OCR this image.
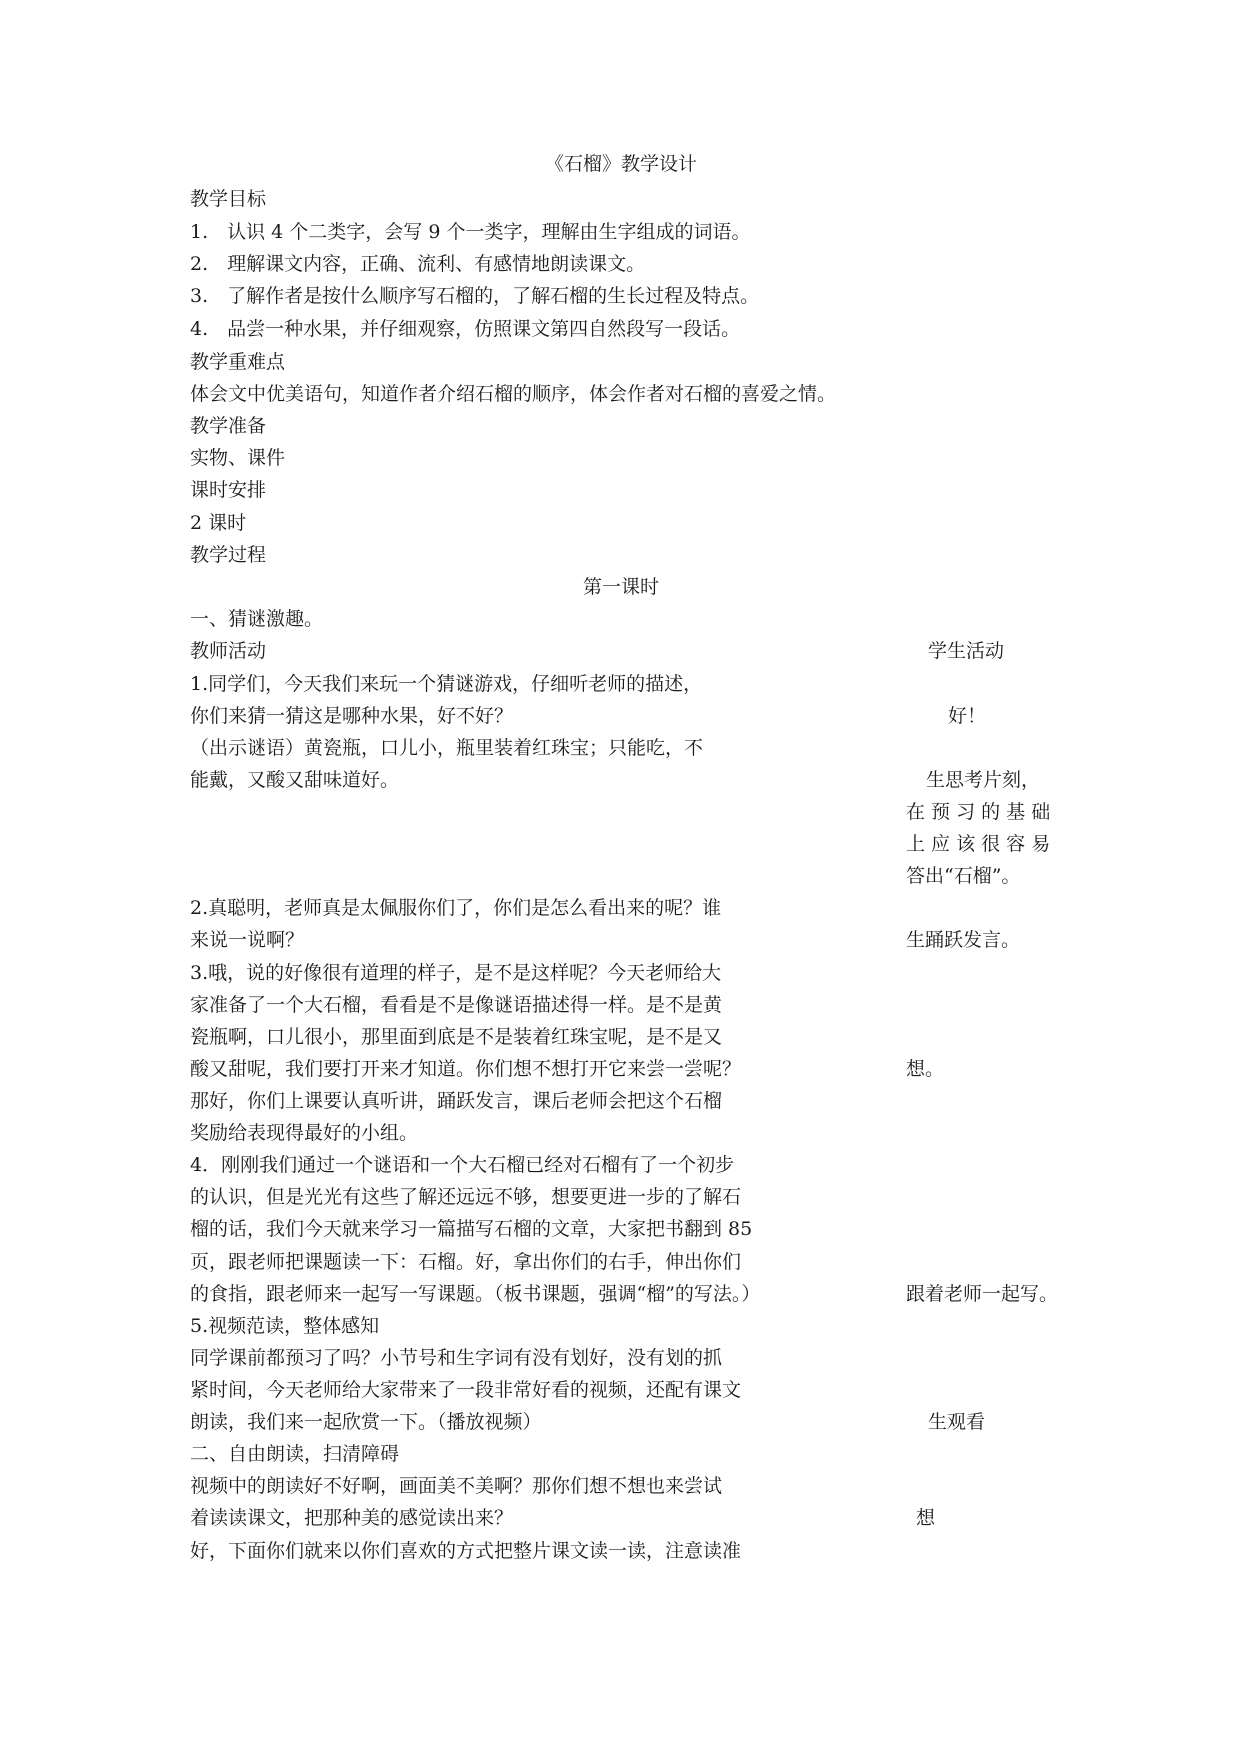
《石榴》教学设计
教学目标
1.　认识 4 个二类字，会写 9 个一类字，理解由生字组成的词语。
2.　理解课文内容，正确、流利、有感情地朗读课文。
3.　了解作者是按什么顺序写石榴的，了解石榴的生长过程及特点。
4.　品尝一种水果，并仔细观察，仿照课文第四自然段写一段话。
教学重难点
体会文中优美语句，知道作者介绍石榴的顺序，体会作者对石榴的喜爱之情。
教学准备
实物、课件
课时安排
2 课时
教学过程
第一课时
一、猜谜激趣。
教师活动	学生活动
1.同学们，今天我们来玩一个猜谜游戏，仔细听老师的描述，
你们来猜一猜这是哪种水果，好不好？	好！
（出示谜语）黄瓷瓶，口儿小，瓶里装着红珠宝；只能吃，不
能戴，又酸又甜味道好。	生思考片刻，
在 预 习 的 基 础
上 应 该 很 容 易
答出“石榴”。
2.真聪明，老师真是太佩服你们了，你们是怎么看出来的呢？谁
来说一说啊？	生踊跃发言。
3.哦，说的好像很有道理的样子，是不是这样呢？今天老师给大
家准备了一个大石榴，看看是不是像谜语描述得一样。是不是黄
瓷瓶啊，口儿很小，那里面到底是不是装着红珠宝呢，是不是又
酸又甜呢，我们要打开来才知道。你们想不想打开它来尝一尝呢？	想。
那好，你们上课要认真听讲，踊跃发言，课后老师会把这个石榴
奖励给表现得最好的小组。
4．刚刚我们通过一个谜语和一个大石榴已经对石榴有了一个初步
的认识，但是光光有这些了解还远远不够，想要更进一步的了解石
榴的话，我们今天就来学习一篇描写石榴的文章，大家把书翻到 85
页，跟老师把课题读一下：石榴。好，拿出你们的右手，伸出你们
的食指，跟老师来一起写一写课题。（板书课题，强调“榴”的写法。）	跟着老师一起写。
5.视频范读，整体感知
同学课前都预习了吗？小节号和生字词有没有划好，没有划的抓
紧时间，今天老师给大家带来了一段非常好看的视频，还配有课文
朗读，我们来一起欣赏一下。（播放视频）	生观看
二、自由朗读，扫清障碍
视频中的朗读好不好啊，画面美不美啊？那你们想不想也来尝试
着读读课文，把那种美的感觉读出来？	想
好，下面你们就来以你们喜欢的方式把整片课文读一读，注意读准
